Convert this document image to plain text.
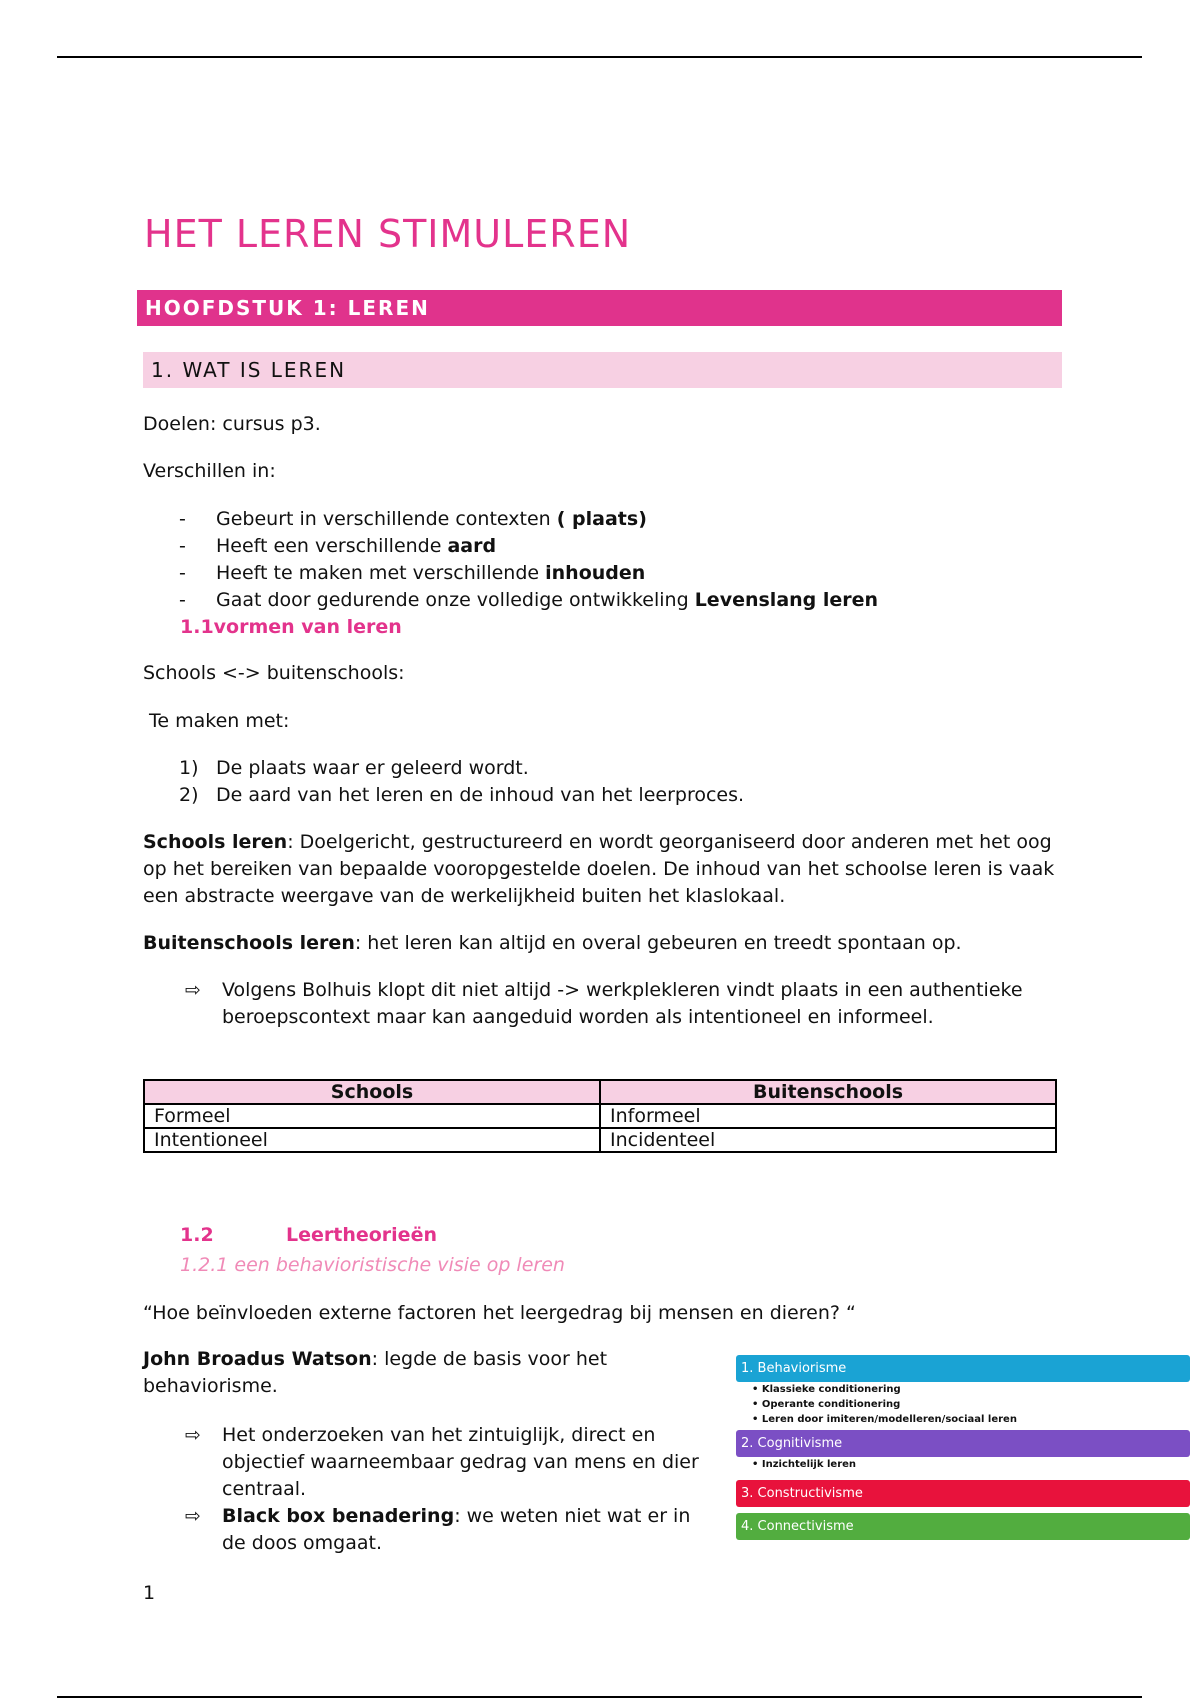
HET LEREN STIMULEREN
HOOFDSTUK 1: LEREN
1. WAT IS LEREN
Doelen: cursus p3.
Verschillen in:
- Gebeurt in verschillende contexten ( plaats)
- Heeft een verschillende aard
- Heeft te maken met verschillende inhouden
- Gaat door gedurende onze volledige ontwikkeling Levenslang leren
1.1vormen van leren
Schools <-> buitenschools:
Te maken met:
1) De plaats waar er geleerd wordt.
2) De aard van het leren en de inhoud van het leerproces.
Schools leren: Doelgericht, gestructureerd en wordt georganiseerd door anderen met het oog op het bereiken van bepaalde vooropgestelde doelen. De inhoud van het schoolse leren is vaak een abstracte weergave van de werkelijkheid buiten het klaslokaal.
Buitenschools leren: het leren kan altijd en overal gebeuren en treedt spontaan op.
⇨ Volgens Bolhuis klopt dit niet altijd -> werkplekleren vindt plaats in een authentieke beroepscontext maar kan aangeduid worden als intentioneel en informeel.
Schools	Buitenschools
Formeel	Informeel
Intentioneel	Incidenteel
1.2	Leertheorieën
1.2.1 een behavioristische visie op leren
“Hoe beïnvloeden externe factoren het leergedrag bij mensen en dieren? “
John Broadus Watson: legde de basis voor het behaviorisme.
⇨ Het onderzoeken van het zintuiglijk, direct en objectief waarneembaar gedrag van mens en dier centraal.
⇨ Black box benadering: we weten niet wat er in de doos omgaat.
1. Behaviorisme
• Klassieke conditionering
• Operante conditionering
• Leren door imiteren/modelleren/sociaal leren
2. Cognitivisme
• Inzichtelijk leren
3. Constructivisme
4. Connectivisme
1
